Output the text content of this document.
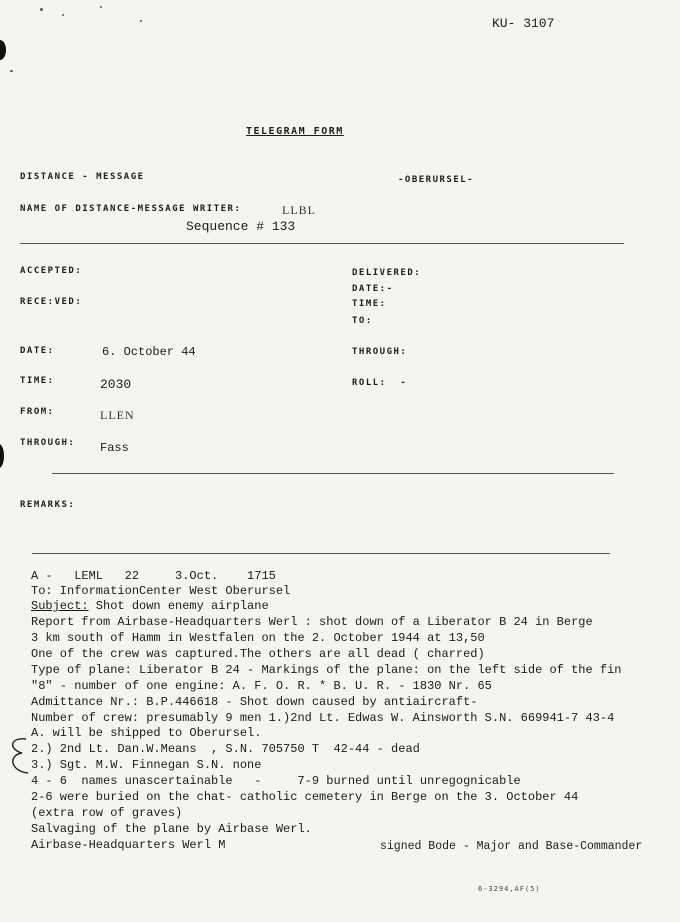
KU- 3107
TELEGRAM FORM
DISTANCE - MESSAGE	-OBERURSEL-
NAME OF DISTANCE-MESSAGE WRITER:	LLBL
Sequence # 133
ACCEPTED:	DELIVERED:
DATE:-
RECE:VED:	TIME:
TO:
DATE:	6. October 44	THROUGH:
TIME:	2030	ROLL:  -
FROM:	LLEN
THROUGH: Fass
REMARKS:
A -   LEML   22     3.Oct.    1715
To: InformationCenter West Oberursel
Subject: Shot down enemy airplane
Report from Airbase-Headquarters Werl : shot down of a Liberator B 24 in Berge
3 km south of Hamm in Westfalen on the 2. October 1944 at 13,50
One of the crew was captured.The others are all dead ( charred)
Type of plane: Liberator B 24 - Markings of the plane: on the left side of the fin
"8" - number of one engine: A. F. O. R. * B. U. R. - 1830 Nr. 65
Admittance Nr.: B.P.446618 - Shot down caused by antiaircraft-
Number of crew: presumably 9 men 1.)2nd Lt. Edwas W. Ainsworth S.N. 669941-7 43-4
A. will be shipped to Oberursel.
2.) 2nd Lt. Dan.W.Means  , S.N. 705750 T  42-44 - dead
3.) Sgt. M.W. Finnegan S.N. none
4 - 6  names unascertainable   -     7-9 burned until unregognicable
2-6 were buried on the chat- catholic cemetery in Berge on the 3. October 44
(extra row of graves)
Salvaging of the plane by Airbase Werl.
Airbase-Headquarters Werl M	signed Bode - Major and Base-Commander
6-3294,AF(5)
